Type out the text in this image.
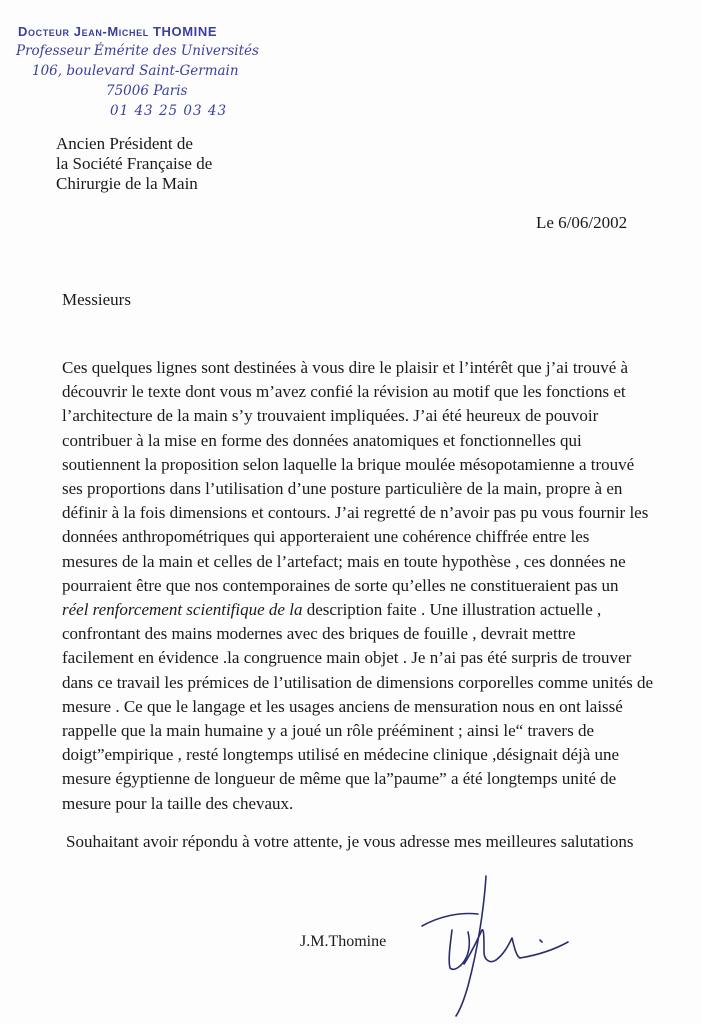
Docteur Jean-Michel THOMINE
Professeur Émérite des Universités
106, boulevard Saint-Germain
75006 Paris
01 43 25 03 43
Ancien Président de
la Société Française de
Chirurgie de la Main
Le 6/06/2002
Messieurs
Ces quelques lignes sont destinées à vous dire le plaisir et l’intérêt que j’ai trouvé à
découvrir le texte dont vous m’avez confié la révision au motif que les fonctions et
l’architecture de la main s’y trouvaient impliquées. J’ai été heureux de pouvoir
contribuer à la mise en forme des données anatomiques et fonctionnelles qui
soutiennent la proposition selon laquelle la brique moulée mésopotamienne a trouvé
ses proportions dans l’utilisation d’une posture particulière de la main, propre à en
définir à la fois dimensions et contours. J’ai regretté de n’avoir pas pu vous fournir les
données anthropométriques qui apporteraient une cohérence chiffrée entre les
mesures de la main et celles de l’artefact; mais en toute hypothèse , ces données ne
pourraient être que nos contemporaines de sorte qu’elles ne constitueraient pas un
réel renforcement scientifique de la description faite . Une illustration actuelle ,
confrontant des mains modernes avec des briques de fouille , devrait mettre
facilement en évidence .la congruence main objet . Je n’ai pas été surpris de trouver
dans ce travail les prémices de l’utilisation de dimensions corporelles comme unités de
mesure . Ce que le langage et les usages anciens de mensuration nous en ont laissé
rappelle que la main humaine y a joué un rôle prééminent ; ainsi le“ travers de
doigt”empirique , resté longtemps utilisé en médecine clinique ,désignait déjà une
mesure égyptienne de longueur de même que la”paume” a été longtemps unité de
mesure pour la taille des chevaux.
Souhaitant avoir répondu à votre attente, je vous adresse mes meilleures salutations
J.M.Thomine
